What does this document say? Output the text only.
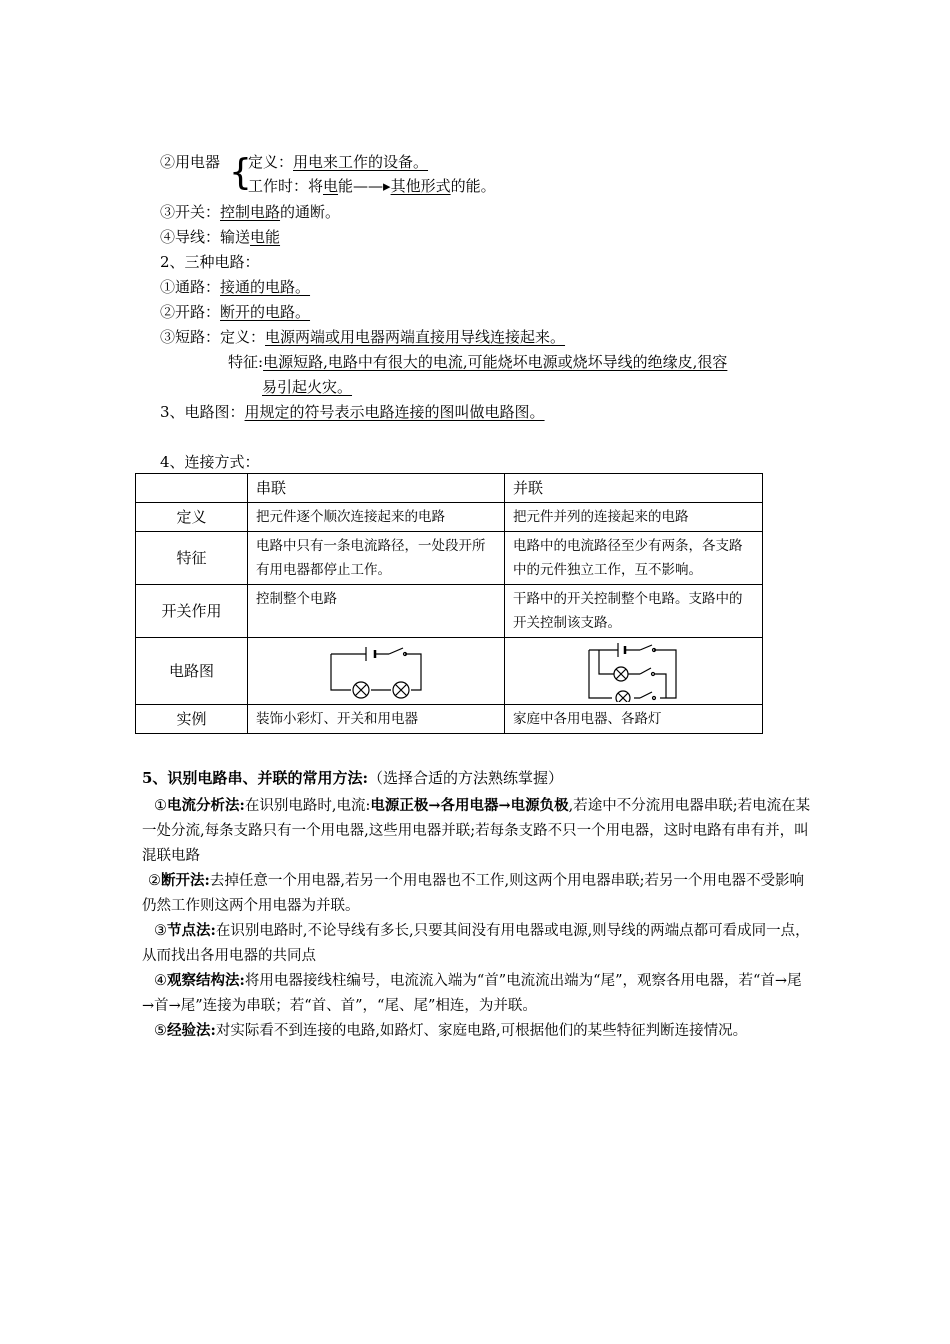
②用电器 {
定义：用电来工作的设备。
工作时：将电能——▸其他形式的能。
③开关：控制电路的通断。
④导线：输送电能
2、三种电路：
①通路：接通的电路。
②开路：断开的电路。
③短路：定义：电源两端或用电器两端直接用导线连接起来。
特征:电源短路,电路中有很大的电流,可能烧坏电源或烧坏导线的绝缘皮,很容
易引起火灾。
3、电路图：用规定的符号表示电路连接的图叫做电路图。
4、连接方式：
	串联	并联
定义	把元件逐个顺次连接起来的电路	把元件并列的连接起来的电路
特征	电路中只有一条电流路径，一处段开所有用电器都停止工作。	电路中的电流路径至少有两条，各支路中的元件独立工作，互不影响。
开关作用	控制整个电路	干路中的开关控制整个电路。支路中的开关控制该支路。
电路图	

实例	装饰小彩灯、开关和用电器	家庭中各用电器、各路灯
5、识别电路串、并联的常用方法:（选择合适的方法熟练掌握）
①电流分析法:在识别电路时,电流:电源正极→各用电器→电源负极,若途中不分流用电器串联;若电流在某一处分流,每条支路只有一个用电器,这些用电器并联;若每条支路不只一个用电器，这时电路有串有并，叫混联电路
②断开法:去掉任意一个用电器,若另一个用电器也不工作,则这两个用电器串联;若另一个用电器不受影响仍然工作则这两个用电器为并联。
③节点法:在识别电路时,不论导线有多长,只要其间没有用电器或电源,则导线的两端点都可看成同一点，从而找出各用电器的共同点
④观察结构法:将用电器接线柱编号，电流流入端为“首”电流流出端为“尾”，观察各用电器，若“首→尾→首→尾”连接为串联；若“首、首”，“尾、尾”相连，为并联。
⑤经验法:对实际看不到连接的电路,如路灯、家庭电路,可根据他们的某些特征判断连接情况。
